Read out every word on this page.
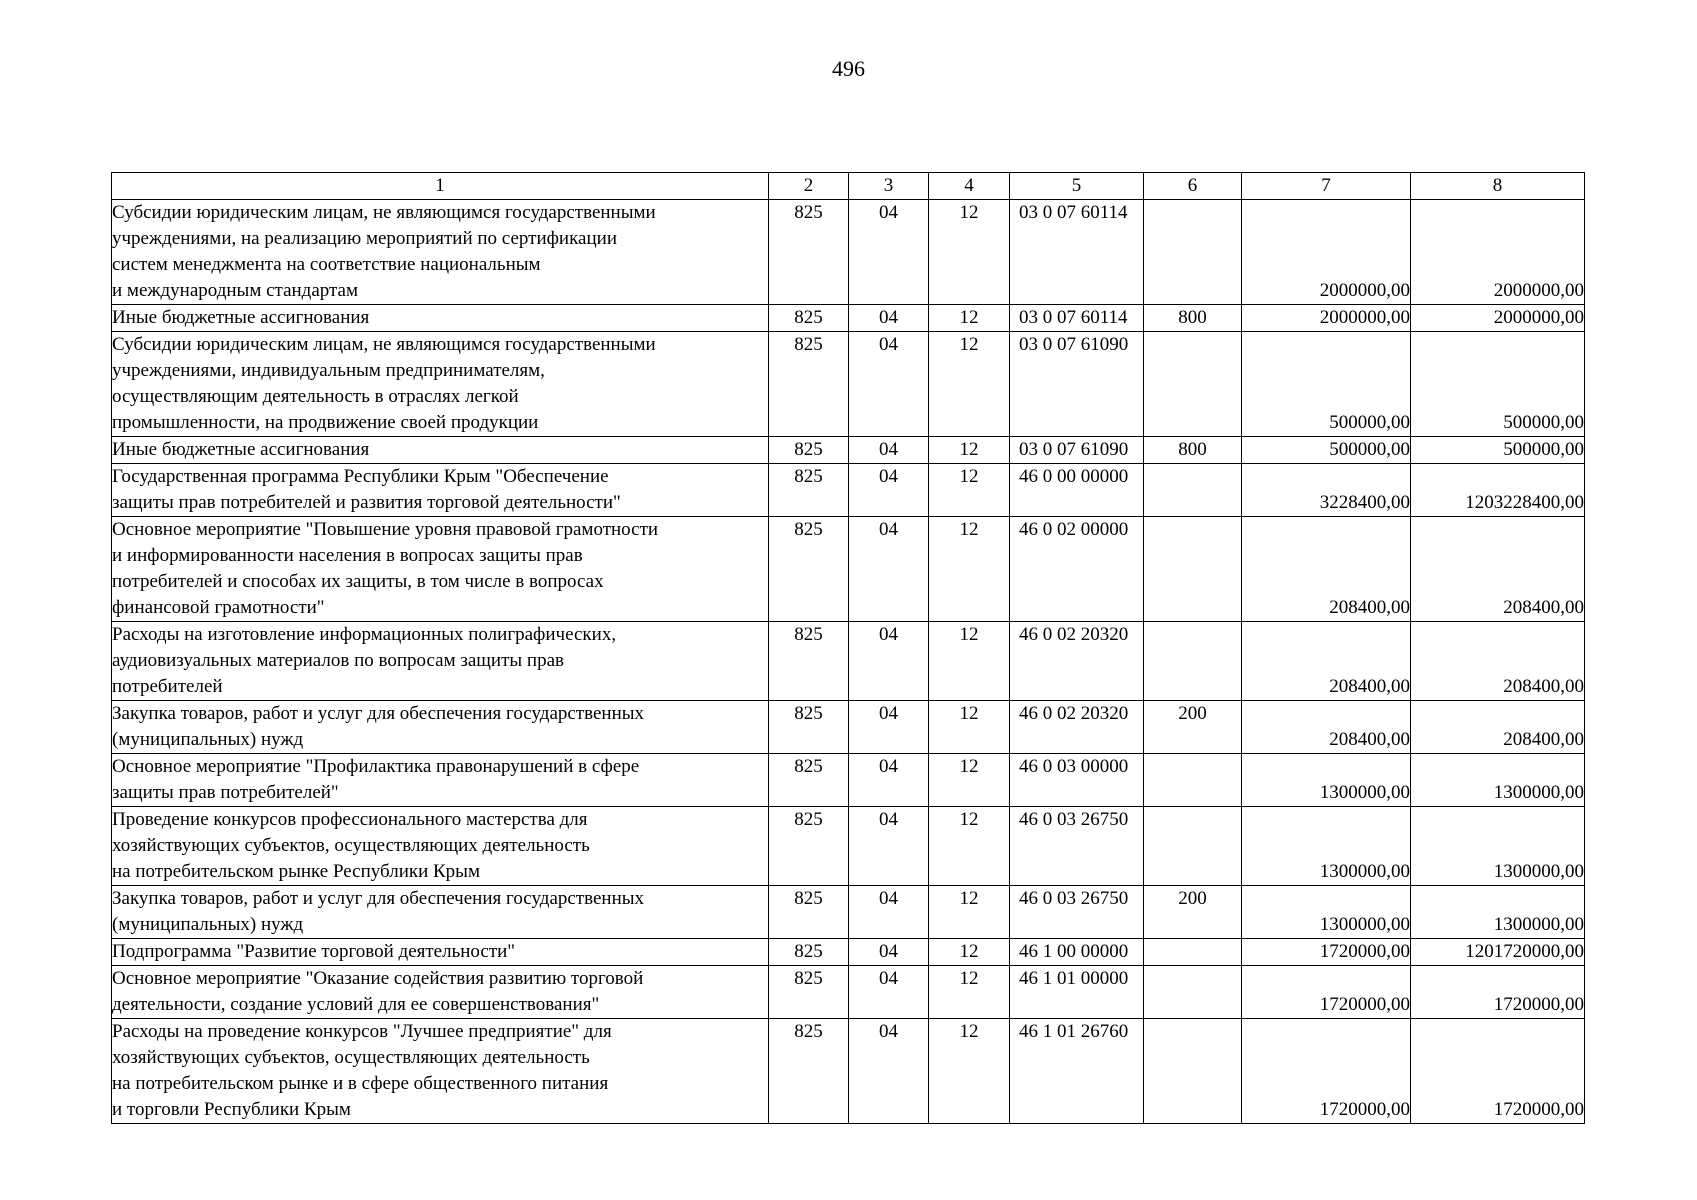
496
1	2	3	4	5	6	7	8

Субсидии юридическим лицам, не являющимся государственными
учреждениями, на реализацию мероприятий по сертификации
систем менеджмента на соответствие национальным
и международным стандартам	825	04	12	03 0 07 60114		2000000,00	2000000,00

Иные бюджетные ассигнования	825	04	12	03 0 07 60114	800	2000000,00	2000000,00

Субсидии юридическим лицам, не являющимся государственными
учреждениями, индивидуальным предпринимателям,
осуществляющим деятельность в отраслях легкой
промышленности, на продвижение своей продукции	825	04	12	03 0 07 61090		500000,00	500000,00

Иные бюджетные ассигнования	825	04	12	03 0 07 61090	800	500000,00	500000,00

Государственная программа Республики Крым "Обеспечение
защиты прав потребителей и развития торговой деятельности"	825	04	12	46 0 00 00000		3228400,00	1203228400,00

Основное мероприятие "Повышение уровня правовой грамотности
и информированности населения в вопросах защиты прав
потребителей и способах их защиты, в том числе в вопросах
финансовой грамотности"	825	04	12	46 0 02 00000		208400,00	208400,00

Расходы на изготовление информационных полиграфических,
аудиовизуальных материалов по вопросам защиты прав
потребителей	825	04	12	46 0 02 20320		208400,00	208400,00

Закупка товаров, работ и услуг для обеспечения государственных
(муниципальных) нужд	825	04	12	46 0 02 20320	200	208400,00	208400,00

Основное мероприятие "Профилактика правонарушений в сфере
защиты прав потребителей"	825	04	12	46 0 03 00000		1300000,00	1300000,00

Проведение конкурсов профессионального мастерства для
хозяйствующих субъектов, осуществляющих деятельность
на потребительском рынке Республики Крым	825	04	12	46 0 03 26750		1300000,00	1300000,00

Закупка товаров, работ и услуг для обеспечения государственных
(муниципальных) нужд	825	04	12	46 0 03 26750	200	1300000,00	1300000,00

Подпрограмма "Развитие торговой деятельности"	825	04	12	46 1 00 00000		1720000,00	1201720000,00

Основное мероприятие "Оказание содействия развитию торговой
деятельности, создание условий для ее совершенствования"	825	04	12	46 1 01 00000		1720000,00	1720000,00

Расходы на проведение конкурсов "Лучшее предприятие" для
хозяйствующих субъектов, осуществляющих деятельность
на потребительском рынке и в сфере общественного питания
и торговли Республики Крым	825	04	12	46 1 01 26760		1720000,00	1720000,00
